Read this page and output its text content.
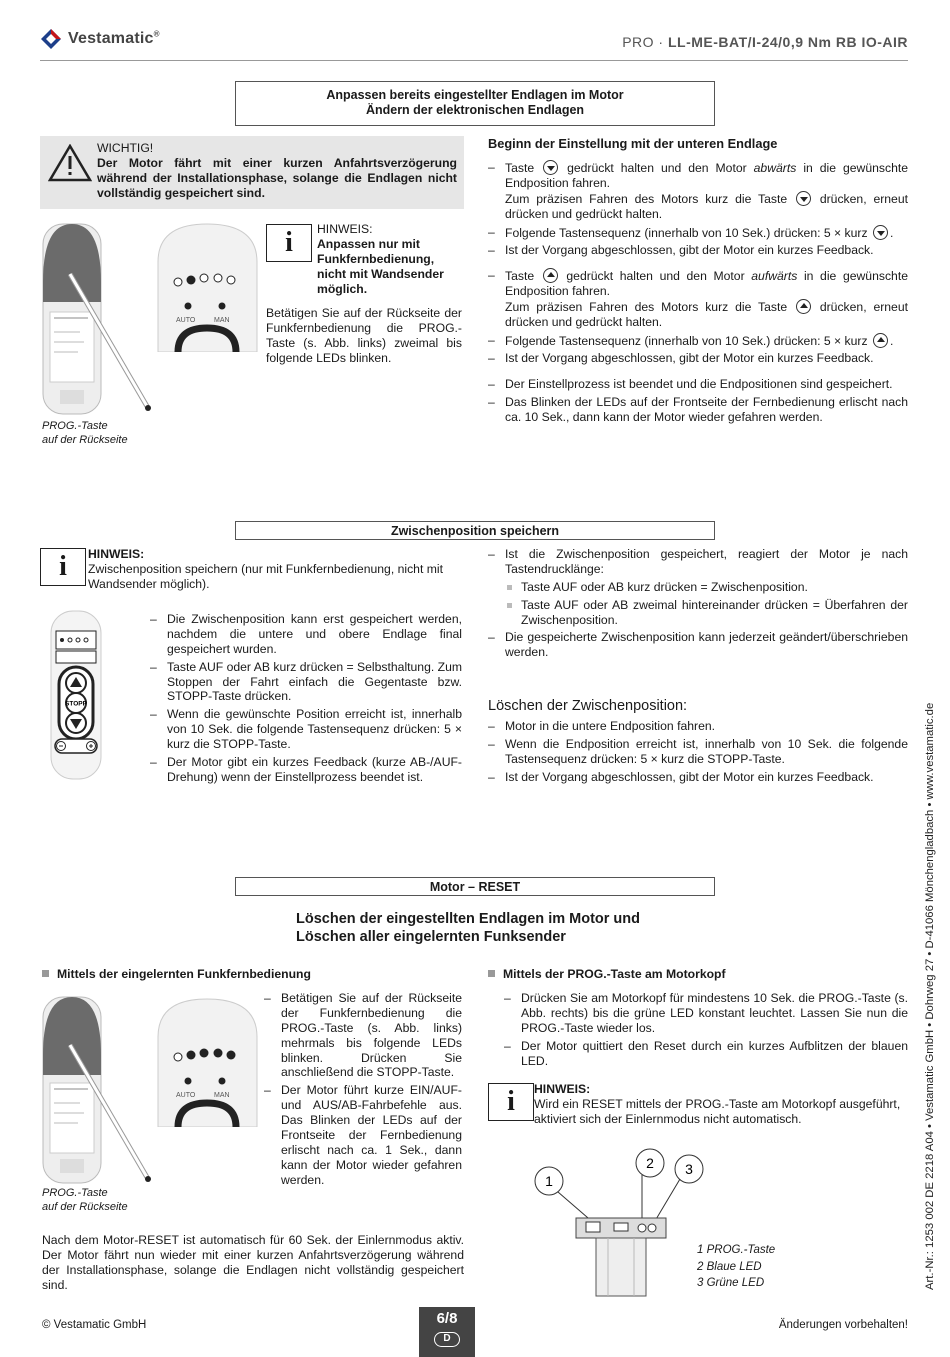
Vestamatic®	PRO · LL-ME-BAT/I-24/0,9 Nm RB IO-AIR
Anpassen bereits eingestellter Endlagen im Motor
Ändern der elektronischen Endlagen
WICHTIG!
Der Motor fährt mit einer kurzen Anfahrtsverzögerung während der Installationsphase, solange die Endlagen nicht vollständig gespeichert sind.
PROG.-Taste
auf der Rückseite
AUTO	MAN
i	HINWEIS:
Anpassen nur mit Funkfernbedienung, nicht mit Wandsender möglich.
Betätigen Sie auf der Rückseite der Funkfernbedienung die PROG.-Taste (s. Abb. links) zweimal bis folgende LEDs blinken.
Beginn der Einstellung mit der unteren Endlage
– Taste	gedrückt halten und den Motor abwärts in die gewünschte Endposition fahren.
Zum präzisen Fahren des Motors kurz die Taste	drücken, erneut drücken und gedrückt halten.
– Folgende Tastensequenz (innerhalb von 10 Sek.) drücken: 5 × kurz .
– Ist der Vorgang abgeschlossen, gibt der Motor ein kurzes Feedback.
– Taste	gedrückt halten und den Motor aufwärts in die gewünschte Endposition fahren.
Zum präzisen Fahren des Motors kurz die Taste	drücken, erneut drücken und gedrückt halten.
– Folgende Tastensequenz (innerhalb von 10 Sek.) drücken: 5 × kurz .
– Ist der Vorgang abgeschlossen, gibt der Motor ein kurzes Feedback.
– Der Einstellprozess ist beendet und die Endpositionen sind gespeichert.
– Das Blinken der LEDs auf der Frontseite der Fernbedienung erlischt nach ca. 10 Sek., dann kann der Motor wieder gefahren werden.
Zwischenposition speichern
i	HINWEIS:
Zwischenposition speichern (nur mit Funkfernbedienung, nicht mit Wandsender möglich).
STOPP
– Die Zwischenposition kann erst gespeichert werden, nachdem die untere und obere Endlage final gespeichert wurden.
– Taste AUF oder AB kurz drücken = Selbsthaltung. Zum Stoppen der Fahrt einfach die Gegentaste bzw. STOPP-Taste drücken.
– Wenn die gewünschte Position erreicht ist, innerhalb von 10 Sek. die folgende Tastensequenz drücken: 5 × kurz die STOPP-Taste.
– Der Motor gibt ein kurzes Feedback (kurze AB-/AUF-Drehung) wenn der Einstellprozess beendet ist.
– Ist die Zwischenposition gespeichert, reagiert der Motor je nach Tastendrucklänge:
Taste AUF oder AB kurz drücken = Zwischenposition.
Taste AUF oder AB zweimal hintereinander drücken = Überfahren der Zwischenposition.
– Die gespeicherte Zwischenposition kann jederzeit geändert/überschrieben werden.
Löschen der Zwischenposition:
– Motor in die untere Endposition fahren.
– Wenn die Endposition erreicht ist, innerhalb von 10 Sek. die folgende Tastensequenz drücken: 5 × kurz die STOPP-Taste.
– Ist der Vorgang abgeschlossen, gibt der Motor ein kurzes Feedback.
Motor – RESET
Löschen der eingestellten Endlagen im Motor und
Löschen aller eingelernten Funksender
Mittels der eingelernten Funkfernbedienung
PROG.-Taste
auf der Rückseite
AUTO	MAN
– Betätigen Sie auf der Rückseite der Funkfernbedienung die PROG.-Taste (s. Abb. links) mehrmals bis folgende LEDs blinken. Drücken Sie anschließend die STOPP-Taste.
– Der Motor führt kurze EIN/AUF- und AUS/AB-Fahrbefehle aus. Das Blinken der LEDs auf der Frontseite der Fernbedienung erlischt nach ca. 1 Sek., dann kann der Motor wieder gefahren werden.
Nach dem Motor-RESET ist automatisch für 60 Sek. der Einlernmodus aktiv. Der Motor fährt nun wieder mit einer kurzen Anfahrtsverzögerung während der Installationsphase, solange die Endlagen nicht vollständig gespeichert sind.
Mittels der PROG.-Taste am Motorkopf
– Drücken Sie am Motorkopf für mindestens 10 Sek. die PROG.-Taste (s. Abb. rechts) bis die grüne LED konstant leuchtet. Lassen Sie nun die PROG.-Taste wieder los.
– Der Motor quittiert den Reset durch ein kurzes Aufblitzen der blauen LED.
i	HINWEIS:
Wird ein RESET mittels der PROG.-Taste am Motorkopf ausgeführt, aktiviert sich der Einlernmodus nicht automatisch.
1
2 3
1 PROG.-Taste
2 Blaue LED
3 Grüne LED
© Vestamatic GmbH	6/8
D
Änderungen vorbehalten!
Art.-Nr.: 1253 002 DE 2218 A04 • Vestamatic GmbH • Dohrweg 27 • D-41066 Mönchengladbach • www.vestamatic.de
